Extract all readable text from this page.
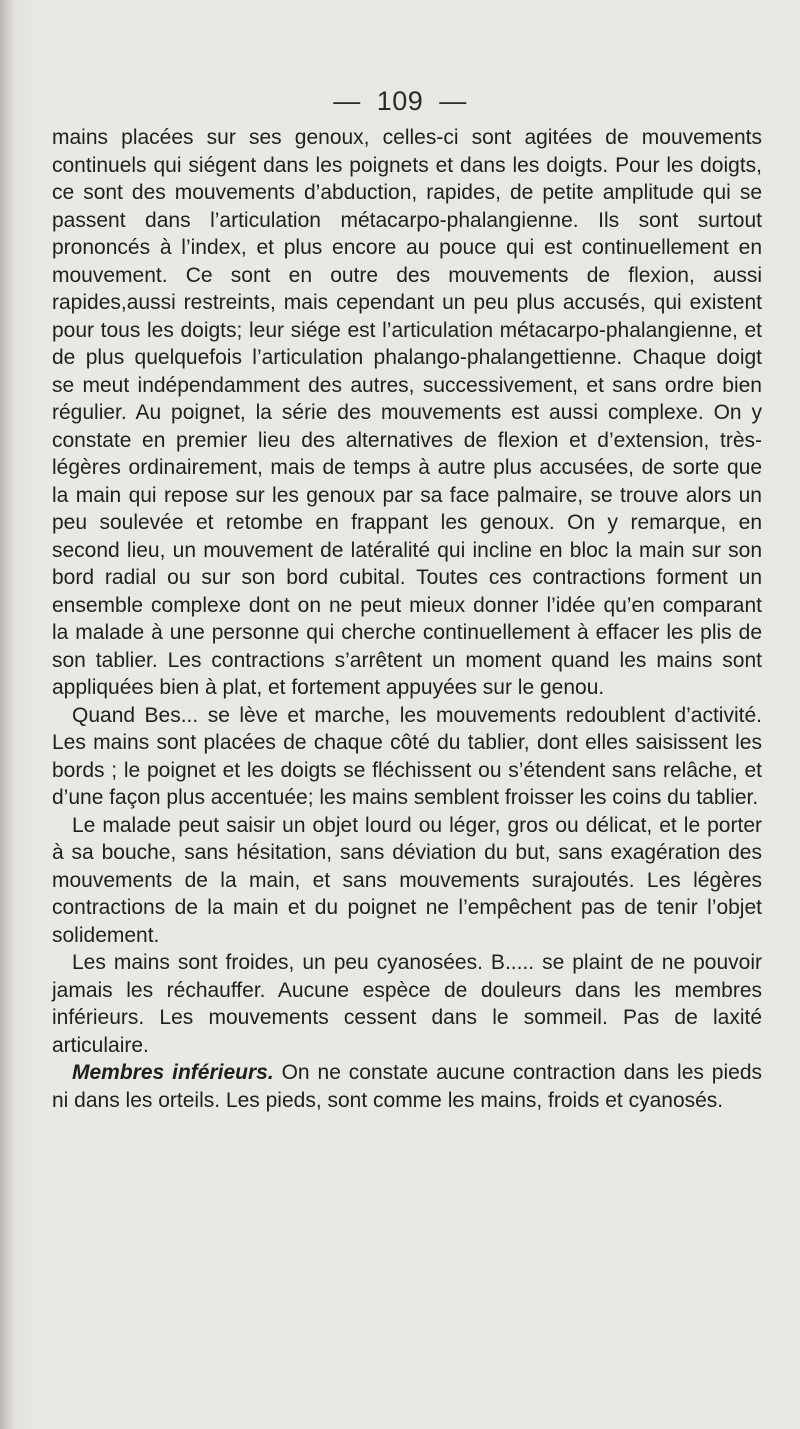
— 109 —

mains placées sur ses genoux, celles-ci sont agitées de mouvements continuels qui siégent dans les poignets et dans les doigts. Pour les doigts, ce sont des mouvements d’abduction, rapides, de petite amplitude qui se passent dans l’articulation métacarpo-phalangienne. Ils sont surtout prononcés à l’index, et plus encore au pouce qui est continuellement en mouvement. Ce sont en outre des mouvements de flexion, aussi rapides,aussi restreints, mais cependant un peu plus accusés, qui existent pour tous les doigts; leur siége est l’articulation métacarpo-phalangienne, et de plus quelquefois l’articulation phalango-phalangettienne. Chaque doigt se meut indépendamment des autres, successivement, et sans ordre bien régulier. Au poignet, la série des mouvements est aussi complexe. On y constate en premier lieu des alternatives de flexion et d’extension, très-légères ordinairement, mais de temps à autre plus accusées, de sorte que la main qui repose sur les genoux par sa face palmaire, se trouve alors un peu soulevée et retombe en frappant les genoux. On y remarque, en second lieu, un mouvement de latéralité qui incline en bloc la main sur son bord radial ou sur son bord cubital. Toutes ces contractions forment un ensemble complexe dont on ne peut mieux donner l’idée qu’en comparant la malade à une personne qui cherche continuellement à effacer les plis de son tablier. Les contractions s’arrêtent un moment quand les mains sont appliquées bien à plat, et fortement appuyées sur le genou.

Quand Bes... se lève et marche, les mouvements redoublent d’activité. Les mains sont placées de chaque côté du tablier, dont elles saisissent les bords ; le poignet et les doigts se fléchissent ou s’étendent sans relâche, et d’une façon plus accentuée; les mains semblent froisser les coins du tablier.

Le malade peut saisir un objet lourd ou léger, gros ou délicat, et le porter à sa bouche, sans hésitation, sans déviation du but, sans exagération des mouvements de la main, et sans mouvements surajoutés. Les légères contractions de la main et du poignet ne l’empêchent pas de tenir l’objet solidement.

Les mains sont froides, un peu cyanosées. B..... se plaint de ne pouvoir jamais les réchauffer. Aucune espèce de douleurs dans les membres inférieurs. Les mouvements cessent dans le sommeil. Pas de laxité articulaire.

Membres inférieurs. On ne constate aucune contraction dans les pieds ni dans les orteils. Les pieds, sont comme les mains, froids et cyanosés.
